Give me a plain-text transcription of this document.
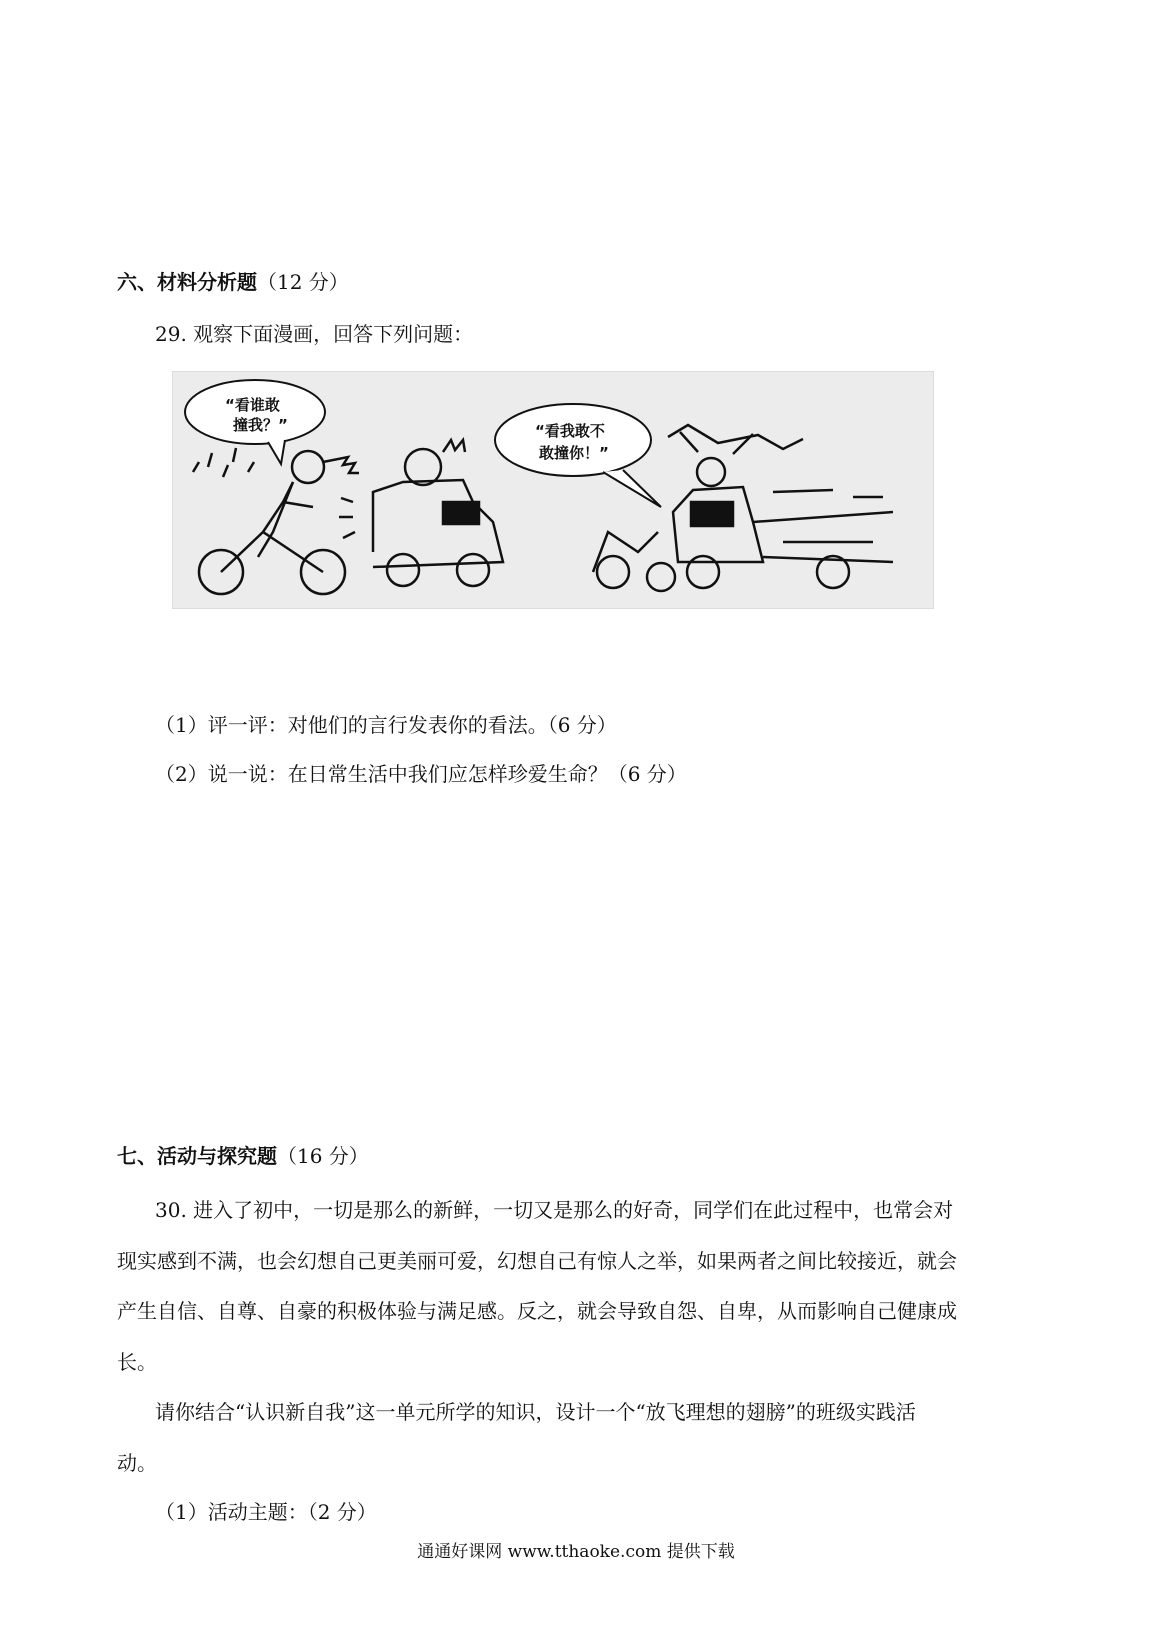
六、材料分析题（12 分）
29. 观察下面漫画，回答下列问题：
“看谁敢
撞我？”	“看我敢不
敢撞你！”
（1）评一评：对他们的言行发表你的看法。（6 分）
（2）说一说：在日常生活中我们应怎样珍爱生命？（6 分）
七、活动与探究题（16 分）
30. 进入了初中，一切是那么的新鲜，一切又是那么的好奇，同学们在此过程中，也常会对
现实感到不满，也会幻想自己更美丽可爱，幻想自己有惊人之举，如果两者之间比较接近，就会
产生自信、自尊、自豪的积极体验与满足感。反之，就会导致自怨、自卑，从而影响自己健康成
长。
请你结合“认识新自我”这一单元所学的知识，设计一个“放飞理想的翅膀”的班级实践活
动。
（1）活动主题：（2 分）
通通好课网 www.tthaoke.com 提供下载
